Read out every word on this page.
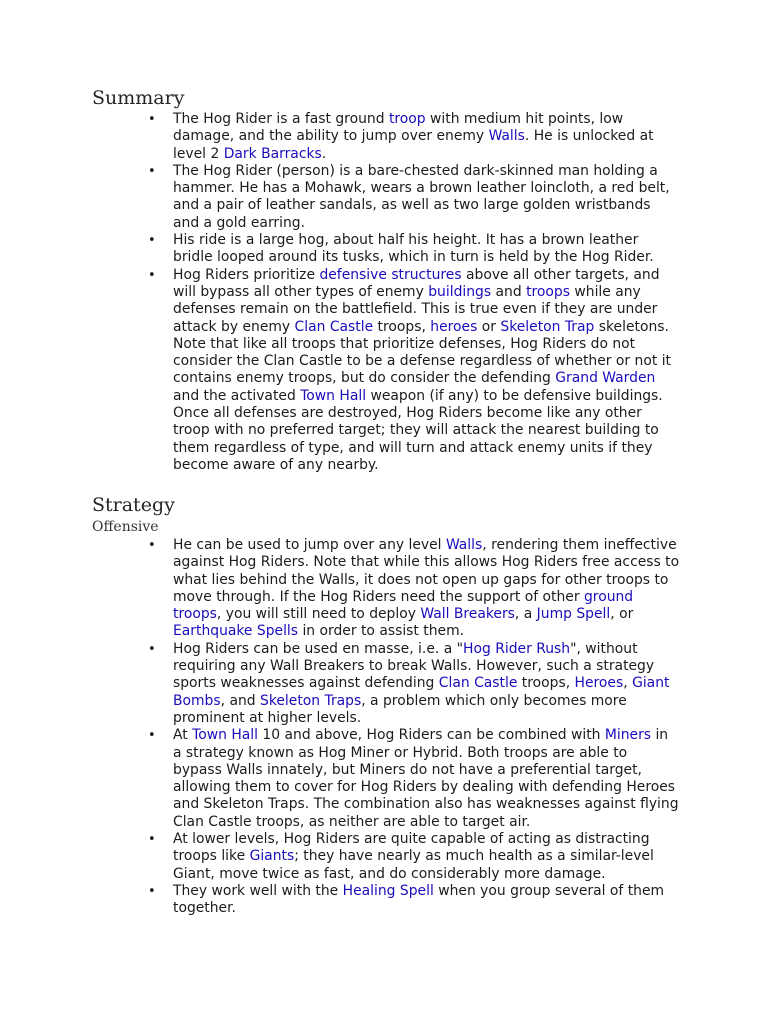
Summary
• The Hog Rider is a fast ground troop with medium hit points, low damage, and the ability to jump over enemy Walls. He is unlocked at level 2 Dark Barracks.
• The Hog Rider (person) is a bare-chested dark-skinned man holding a hammer. He has a Mohawk, wears a brown leather loincloth, a red belt, and a pair of leather sandals, as well as two large golden wristbands and a gold earring.
• His ride is a large hog, about half his height. It has a brown leather bridle looped around its tusks, which in turn is held by the Hog Rider.
• Hog Riders prioritize defensive structures above all other targets, and will bypass all other types of enemy buildings and troops while any defenses remain on the battlefield. This is true even if they are under attack by enemy Clan Castle troops, heroes or Skeleton Trap skeletons. Note that like all troops that prioritize defenses, Hog Riders do not consider the Clan Castle to be a defense regardless of whether or not it contains enemy troops, but do consider the defending Grand Warden and the activated Town Hall weapon (if any) to be defensive buildings.
Once all defenses are destroyed, Hog Riders become like any other troop with no preferred target; they will attack the nearest building to them regardless of type, and will turn and attack enemy units if they become aware of any nearby.
Strategy
Offensive
• He can be used to jump over any level Walls, rendering them ineffective against Hog Riders. Note that while this allows Hog Riders free access to what lies behind the Walls, it does not open up gaps for other troops to move through. If the Hog Riders need the support of other ground troops, you will still need to deploy Wall Breakers, a Jump Spell, or Earthquake Spells in order to assist them.
• Hog Riders can be used en masse, i.e. a "Hog Rider Rush", without requiring any Wall Breakers to break Walls. However, such a strategy sports weaknesses against defending Clan Castle troops, Heroes, Giant Bombs, and Skeleton Traps, a problem which only becomes more prominent at higher levels.
• At Town Hall 10 and above, Hog Riders can be combined with Miners in a strategy known as Hog Miner or Hybrid. Both troops are able to bypass Walls innately, but Miners do not have a preferential target, allowing them to cover for Hog Riders by dealing with defending Heroes and Skeleton Traps. The combination also has weaknesses against flying Clan Castle troops, as neither are able to target air.
• At lower levels, Hog Riders are quite capable of acting as distracting troops like Giants; they have nearly as much health as a similar-level Giant, move twice as fast, and do considerably more damage.
• They work well with the Healing Spell when you group several of them together.
